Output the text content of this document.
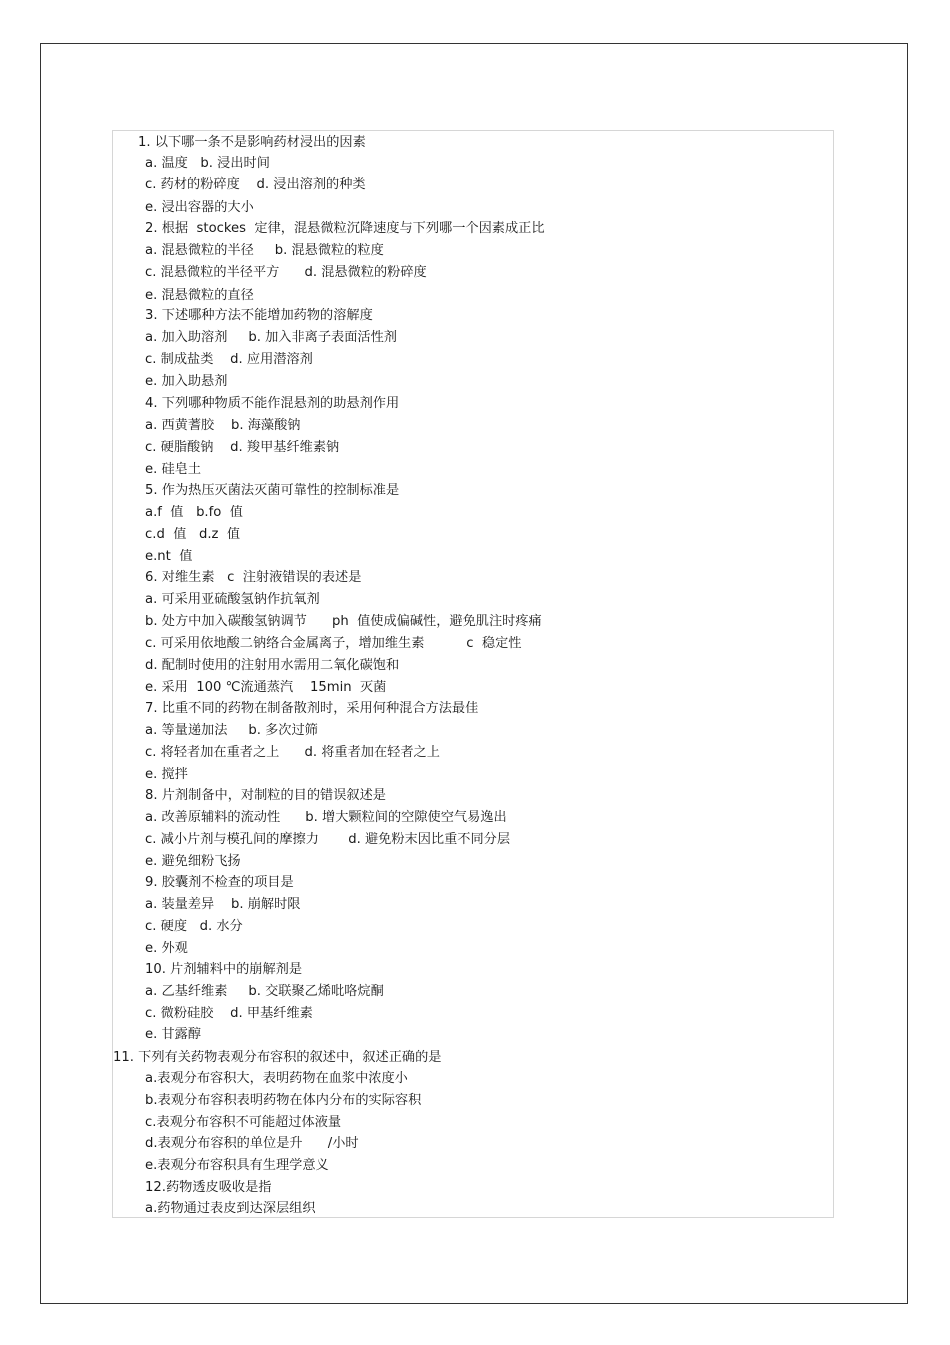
1. 以下哪一条不是影响药材浸出的因素
a. 温度   b. 浸出时间
c. 药材的粉碎度    d. 浸出溶剂的种类
e. 浸出容器的大小
2. 根据  stockes  定律，混悬微粒沉降速度与下列哪一个因素成正比
a. 混悬微粒的半径     b. 混悬微粒的粒度
c. 混悬微粒的半径平方      d. 混悬微粒的粉碎度
e. 混悬微粒的直径
3. 下述哪种方法不能增加药物的溶解度
a. 加入助溶剂     b. 加入非离子表面活性剂
c. 制成盐类    d. 应用潜溶剂
e. 加入助悬剂
4. 下列哪种物质不能作混悬剂的助悬剂作用
a. 西黄蓍胶    b. 海藻酸钠
c. 硬脂酸钠    d. 羧甲基纤维素钠
e. 硅皂土
5. 作为热压灭菌法灭菌可靠性的控制标准是
a.f  值   b.fo  值
c.d  值   d.z  值
e.nt  值
6. 对维生素   c  注射液错误的表述是
a. 可采用亚硫酸氢钠作抗氧剂
b. 处方中加入碳酸氢钠调节      ph  值使成偏碱性，避免肌注时疼痛
c. 可采用依地酸二钠络合金属离子，增加维生素          c  稳定性
d. 配制时使用的注射用水需用二氧化碳饱和
e. 采用  100 ℃流通蒸汽    15min  灭菌
7. 比重不同的药物在制备散剂时，采用何种混合方法最佳
a. 等量递加法     b. 多次过筛
c. 将轻者加在重者之上      d. 将重者加在轻者之上
e. 搅拌
8. 片剂制备中，对制粒的目的错误叙述是
a. 改善原辅料的流动性      b. 增大颗粒间的空隙使空气易逸出
c. 减小片剂与模孔间的摩擦力       d. 避免粉末因比重不同分层
e. 避免细粉飞扬
9. 胶囊剂不检查的项目是
a. 装量差异    b. 崩解时限
c. 硬度   d. 水分
e. 外观
10. 片剂辅料中的崩解剂是
a. 乙基纤维素     b. 交联聚乙烯吡咯烷酮
c. 微粉硅胶    d. 甲基纤维素
e. 甘露醇
11. 下列有关药物表观分布容积的叙述中，叙述正确的是
a.表观分布容积大，表明药物在血浆中浓度小
b.表观分布容积表明药物在体内分布的实际容积
c.表观分布容积不可能超过体液量
d.表观分布容积的单位是升      /小时
e.表观分布容积具有生理学意义
12.药物透皮吸收是指
a.药物通过表皮到达深层组织
